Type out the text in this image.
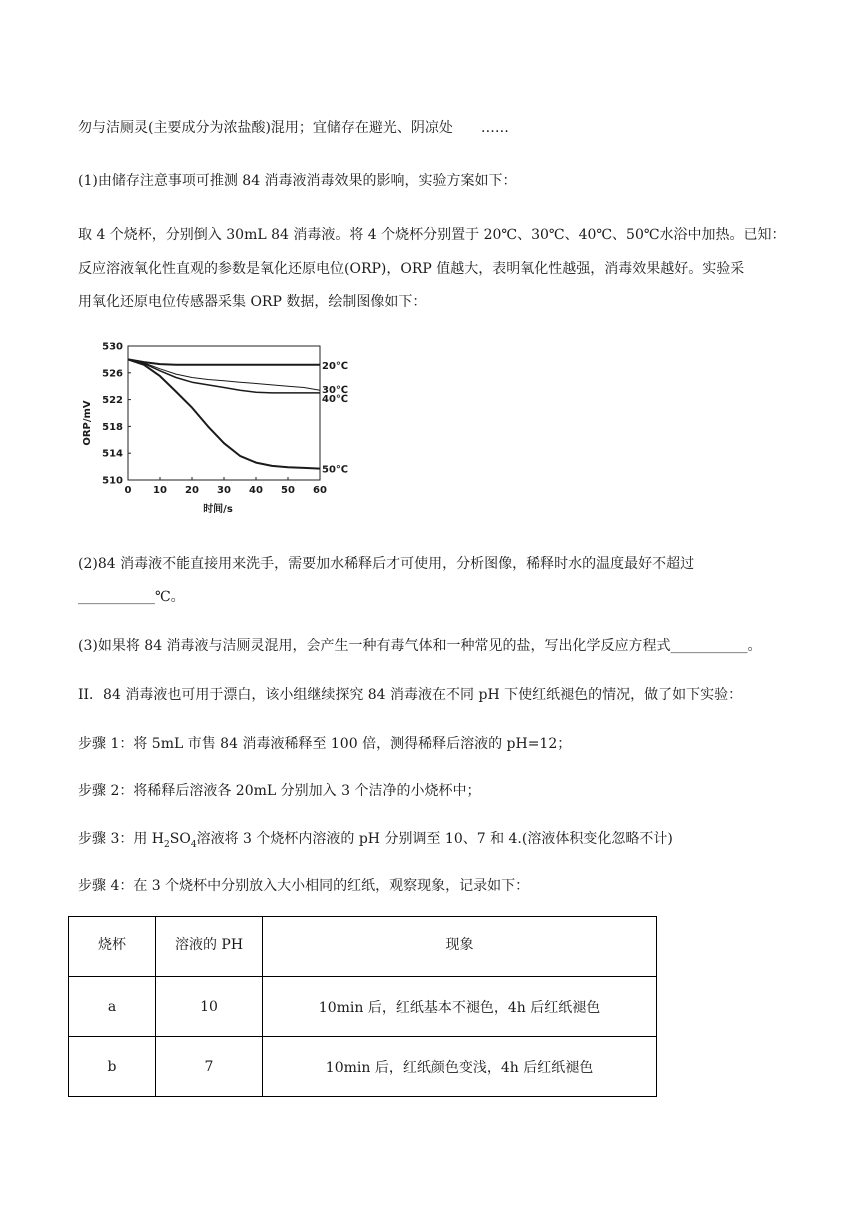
勿与洁厕灵(主要成分为浓盐酸)混用；宜储存在避光、阴凉处　　……
(1)由储存注意事项可推测 84 消毒液消毒效果的影响，实验方案如下：
取 4 个烧杯，分别倒入 30mL 84 消毒液。将 4 个烧杯分别置于 20℃、30℃、40℃、50℃水浴中加热。已知：
反应溶液氧化性直观的参数是氧化还原电位(ORP)，ORP 值越大，表明氧化性越强，消毒效果越好。实验采
用氧化还原电位传感器采集 ORP 数据，绘制图像如下：
0 10 20 30 40 50 60
530
526
522
518
514
510
时间/s
ORP/mV
20℃
30℃
40℃
50℃
(2)84 消毒液不能直接用来洗手，需要加水稀释后才可使用，分析图像，稀释时水的温度最好不超过
___________℃。
(3)如果将 84 消毒液与洁厕灵混用，会产生一种有毒气体和一种常见的盐，写出化学反应方程式___________。
II．84 消毒液也可用于漂白，该小组继续探究 84 消毒液在不同 pH 下使红纸褪色的情况，做了如下实验：
步骤 1：将 5mL 市售 84 消毒液稀释至 100 倍，测得稀释后溶液的 pH=12；
步骤 2：将稀释后溶液各 20mL 分别加入 3 个洁净的小烧杯中；
步骤 3：用 $H_2SO_4$溶液将 3 个烧杯内溶液的 pH 分别调至 10、7 和 4.(溶液体积变化忽略不计)
步骤 4：在 3 个烧杯中分别放入大小相同的红纸，观察现象，记录如下：
烧杯	溶液的 PH	现象
a	10	10min 后，红纸基本不褪色，4h 后红纸褪色
b	7	10min 后，红纸颜色变浅，4h 后红纸褪色
